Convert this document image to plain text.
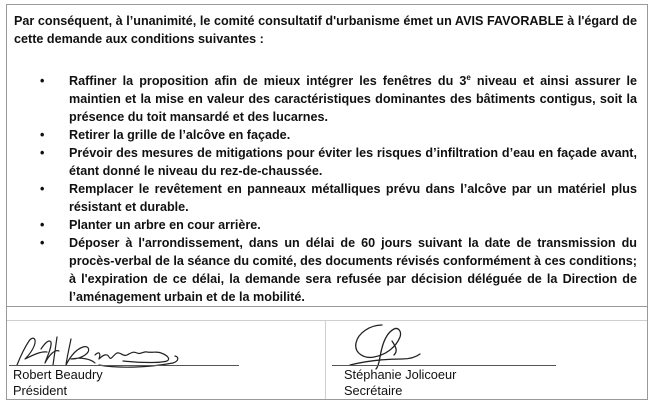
Par conséquent, à l’unanimité, le comité consultatif d'urbanisme émet un AVIS FAVORABLE à l'égard de cette demande aux conditions suivantes :

• Raffiner la proposition afin de mieux intégrer les fenêtres du 3e niveau et ainsi assurer le maintien et la mise en valeur des caractéristiques dominantes des bâtiments contigus, soit la présence du toit mansardé et des lucarnes.
• Retirer la grille de l’alcôve en façade.
• Prévoir des mesures de mitigations pour éviter les risques d’infiltration d’eau en façade avant, étant donné le niveau du rez-de-chaussée.
• Remplacer le revêtement en panneaux métalliques prévu dans l’alcôve par un matériel plus résistant et durable.
• Planter un arbre en cour arrière.
• Déposer à l'arrondissement, dans un délai de 60 jours suivant la date de transmission du procès-verbal de la séance du comité, des documents révisés conformément à ces conditions; à l'expiration de ce délai, la demande sera refusée par décision déléguée de la Direction de l’aménagement urbain et de la mobilité.
Robert Beaudry
Président
Stéphanie Jolicoeur
Secrétaire
